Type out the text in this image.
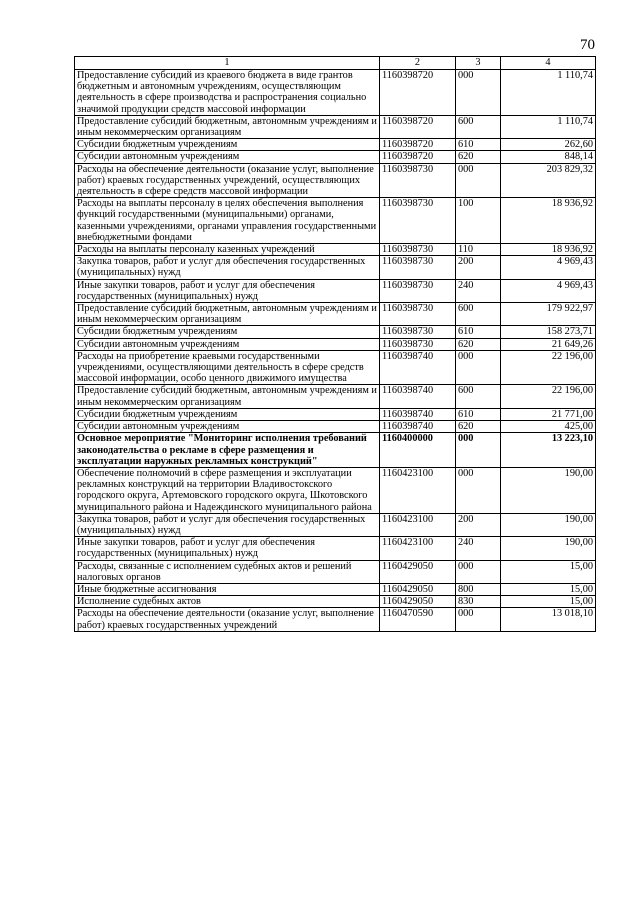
70
1	2	3	4
Предоставление субсидий из краевого бюджета в виде грантов бюджетным и автономным учреждениям, осуществляющим деятельность в сфере производства и распространения социально значимой продукции средств массовой информации	1160398720	000	1 110,74
Предоставление субсидий бюджетным, автономным учреждениям и иным некоммерческим организациям	1160398720	600	1 110,74
Субсидии бюджетным учреждениям	1160398720	610	262,60
Субсидии автономным учреждениям	1160398720	620	848,14
Расходы на обеспечение деятельности (оказание услуг, выполнение работ) краевых государственных учреждений, осуществляющих деятельность в сфере средств массовой информации	1160398730	000	203 829,32
Расходы на выплаты персоналу в целях обеспечения выполнения функций государственными (муниципальными) органами, казенными учреждениями, органами управления государственными внебюджетными фондами	1160398730	100	18 936,92
Расходы на выплаты персоналу казенных учреждений	1160398730	110	18 936,92
Закупка товаров, работ и услуг для обеспечения государственных (муниципальных) нужд	1160398730	200	4 969,43
Иные закупки товаров, работ и услуг для обеспечения государственных (муниципальных) нужд	1160398730	240	4 969,43
Предоставление субсидий бюджетным, автономным учреждениям и иным некоммерческим организациям	1160398730	600	179 922,97
Субсидии бюджетным учреждениям	1160398730	610	158 273,71
Субсидии автономным учреждениям	1160398730	620	21 649,26
Расходы на приобретение краевыми государственными учреждениями, осуществляющими деятельность в сфере средств массовой информации, особо ценного движимого имущества	1160398740	000	22 196,00
Предоставление субсидий бюджетным, автономным учреждениям и иным некоммерческим организациям	1160398740	600	22 196,00
Субсидии бюджетным учреждениям	1160398740	610	21 771,00
Субсидии автономным учреждениям	1160398740	620	425,00
Основное мероприятие "Мониторинг исполнения требований законодательства о рекламе в сфере размещения и эксплуатации наружных рекламных конструкций"	1160400000	000	13 223,10
Обеспечение полномочий в сфере размещения и эксплуатации рекламных конструкций на территории Владивостокского городского округа, Артемовского городского округа, Шкотовского муниципального района и Надеждинского муниципального района	1160423100	000	190,00
Закупка товаров, работ и услуг для обеспечения государственных (муниципальных) нужд	1160423100	200	190,00
Иные закупки товаров, работ и услуг для обеспечения государственных (муниципальных) нужд	1160423100	240	190,00
Расходы, связанные с исполнением судебных актов и решений налоговых органов	1160429050	000	15,00
Иные бюджетные ассигнования	1160429050	800	15,00
Исполнение судебных актов	1160429050	830	15,00
Расходы на обеспечение деятельности (оказание услуг, выполнение работ) краевых государственных учреждений	1160470590	000	13 018,10
